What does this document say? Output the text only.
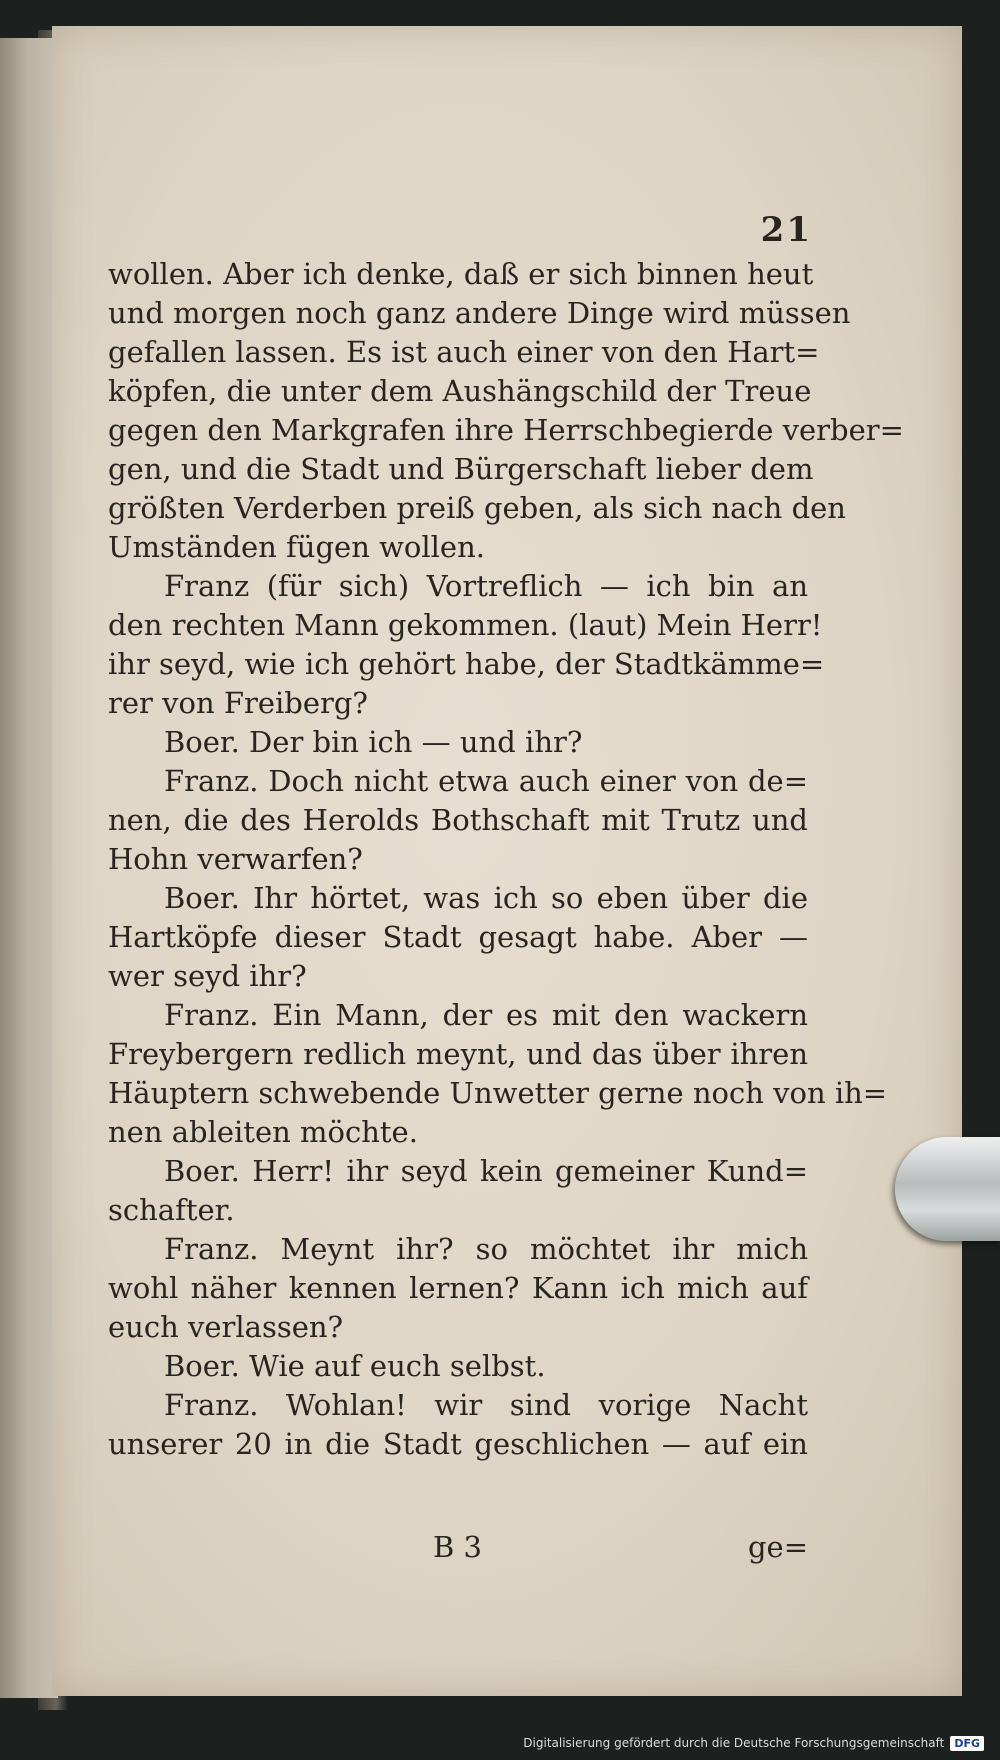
21
wollen. Aber ich denke, daß er sich binnen heut
und morgen noch ganz andere Dinge wird müssen
gefallen lassen. Es ist auch einer von den Hart=
köpfen, die unter dem Aushängschild der Treue
gegen den Markgrafen ihre Herrschbegierde verber=
gen, und die Stadt und Bürgerschaft lieber dem
größten Verderben preiß geben, als sich nach den
Umständen fügen wollen.
Franz (für sich) Vortreflich — ich bin an
den rechten Mann gekommen. (laut) Mein Herr!
ihr seyd, wie ich gehört habe, der Stadtkämme=
rer von Freiberg?
Boer. Der bin ich — und ihr?
Franz. Doch nicht etwa auch einer von de=
nen, die des Herolds Bothschaft mit Trutz und
Hohn verwarfen?
Boer. Ihr hörtet, was ich so eben über die
Hartköpfe dieser Stadt gesagt habe. Aber —
wer seyd ihr?
Franz. Ein Mann, der es mit den wackern
Freybergern redlich meynt, und das über ihren
Häuptern schwebende Unwetter gerne noch von ih=
nen ableiten möchte.
Boer. Herr! ihr seyd kein gemeiner Kund=
schafter.
Franz. Meynt ihr? so möchtet ihr mich
wohl näher kennen lernen? Kann ich mich auf
euch verlassen?
Boer. Wie auf euch selbst.
Franz. Wohlan! wir sind vorige Nacht
unserer 20 in die Stadt geschlichen — auf ein
B 3	ge=
Digitalisierung gefördert durch die Deutsche Forschungsgemeinschaft DFG
